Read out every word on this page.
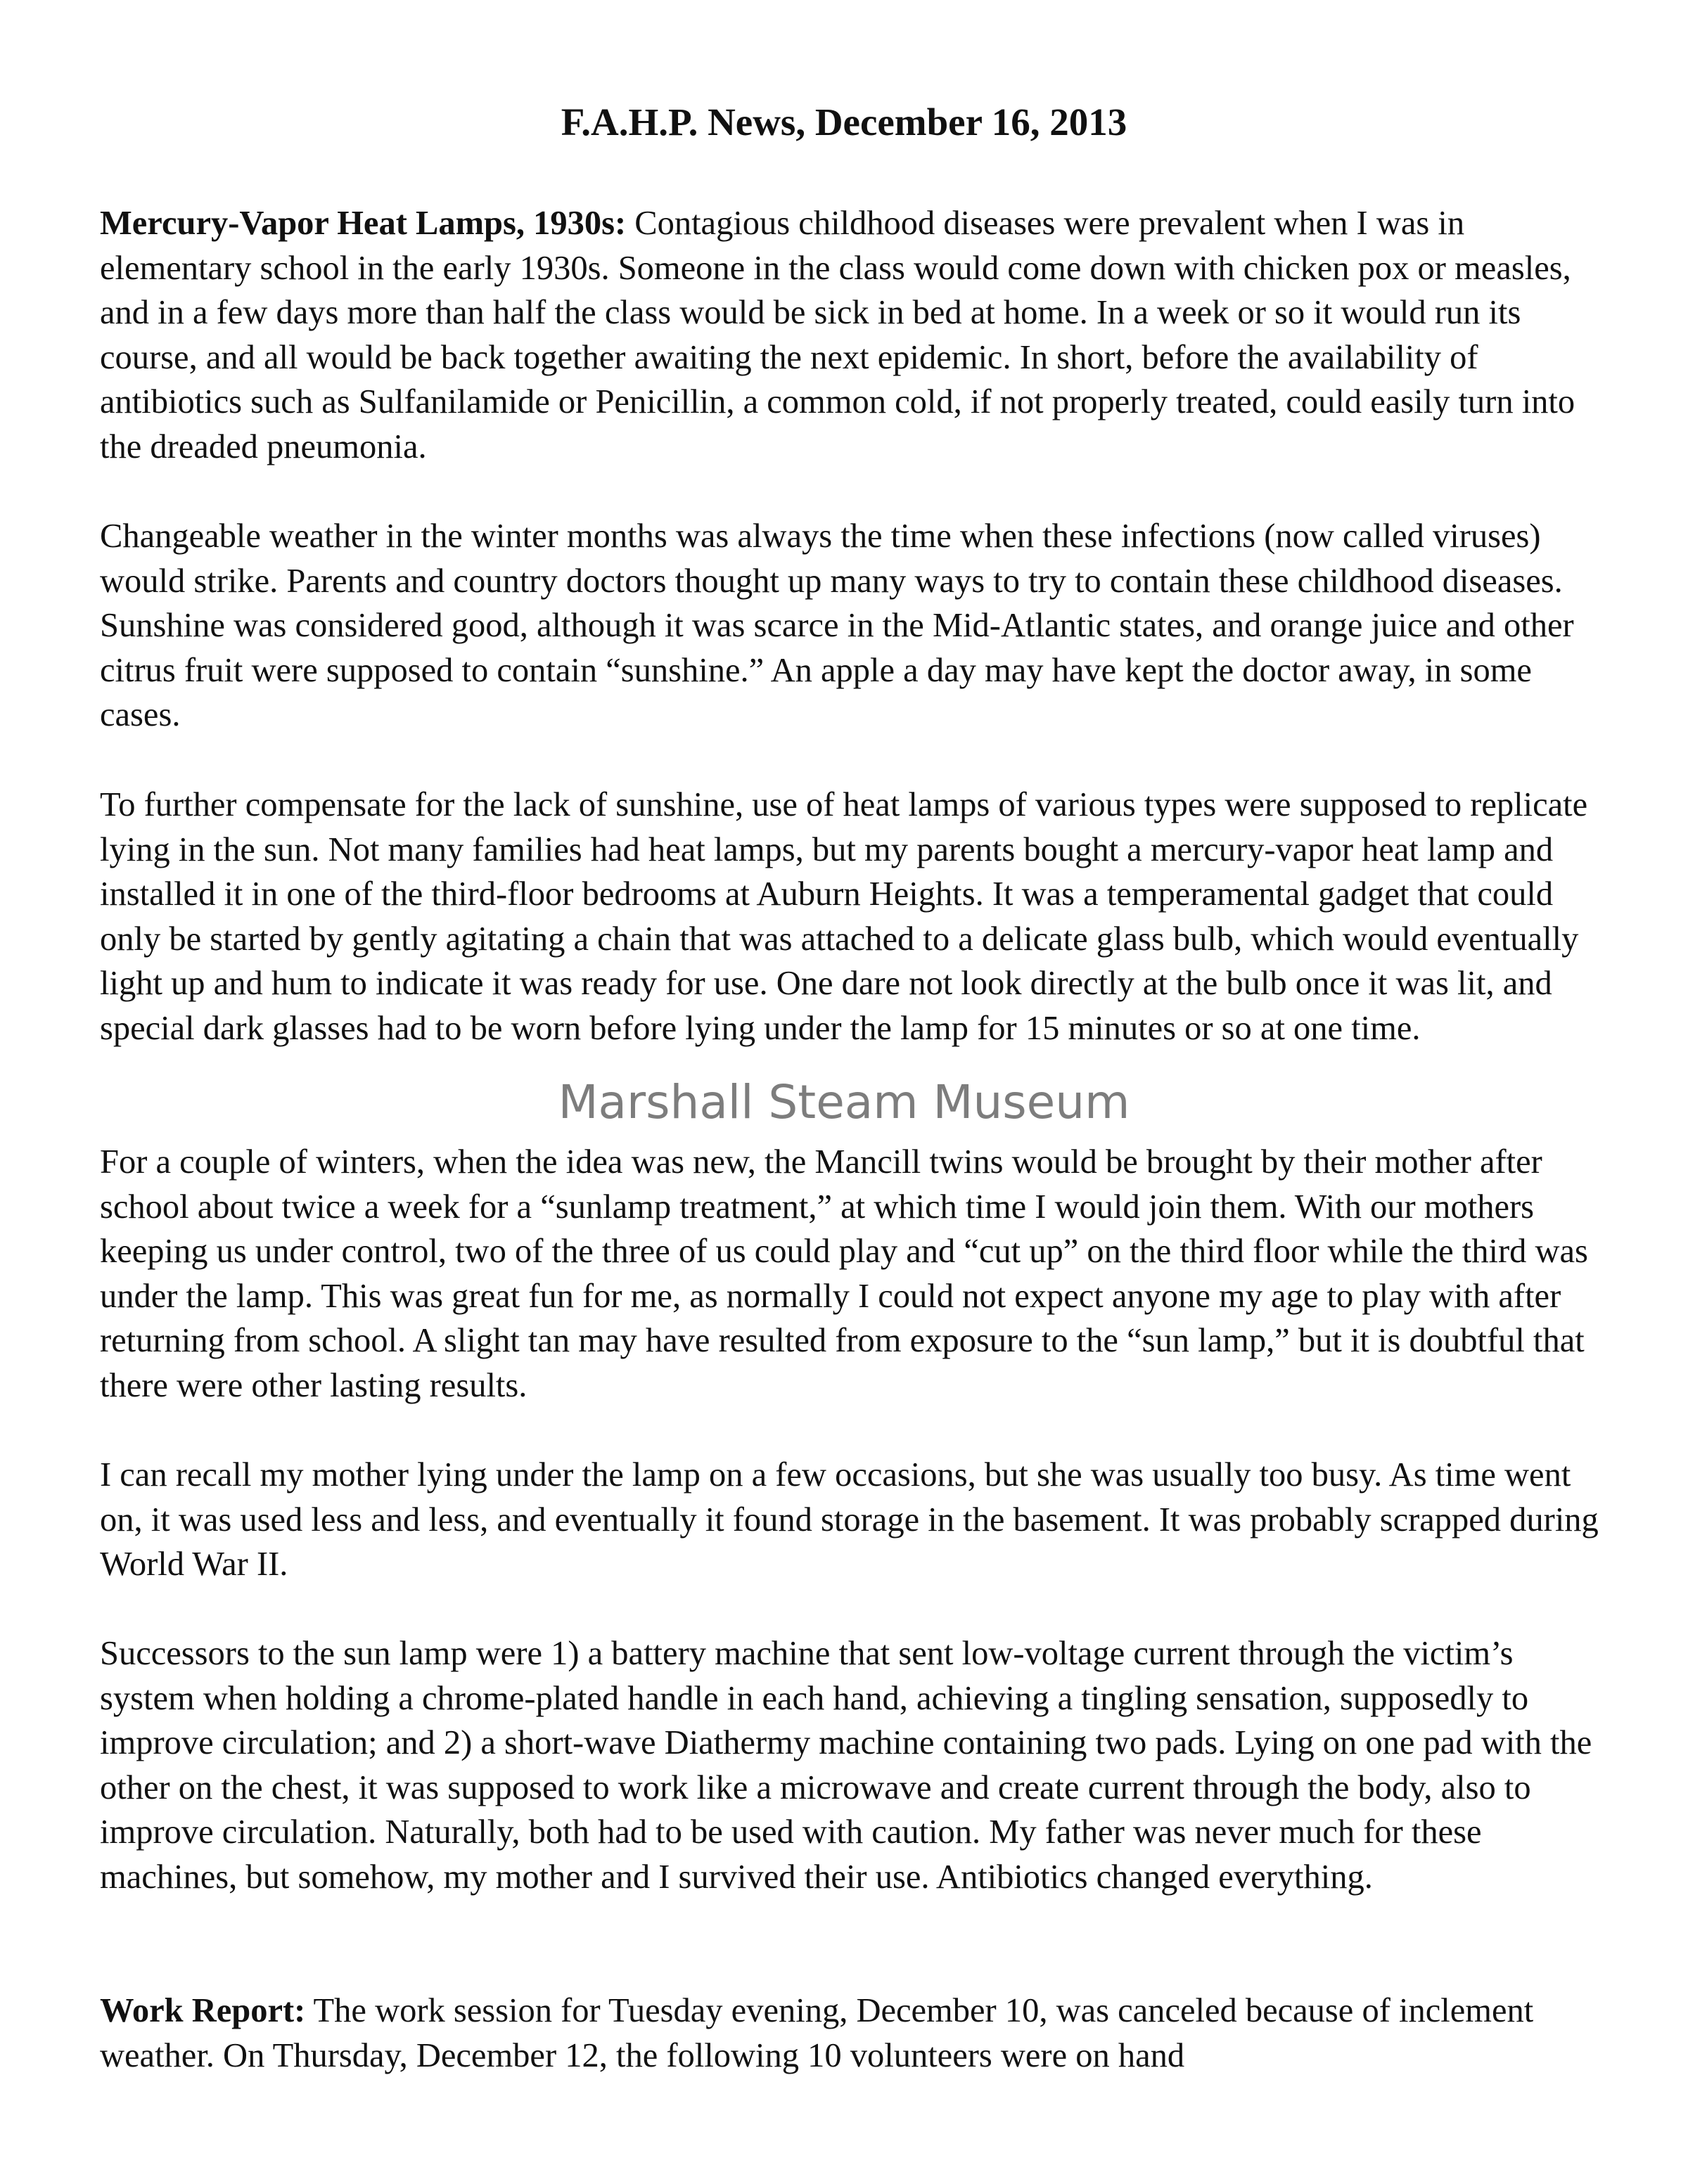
F.A.H.P. News, December 16, 2013

Mercury-Vapor Heat Lamps, 1930s: Contagious childhood diseases were prevalent when I was in elementary school in the early 1930s. Someone in the class would come down with chicken pox or measles, and in a few days more than half the class would be sick in bed at home. In a week or so it would run its course, and all would be back together awaiting the next epidemic. In short, before the availability of antibiotics such as Sulfanilamide or Penicillin, a common cold, if not properly treated, could easily turn into the dreaded pneumonia.

Changeable weather in the winter months was always the time when these infections (now called viruses) would strike. Parents and country doctors thought up many ways to try to contain these childhood diseases. Sunshine was considered good, although it was scarce in the Mid-Atlantic states, and orange juice and other citrus fruit were supposed to contain “sunshine.” An apple a day may have kept the doctor away, in some cases.

To further compensate for the lack of sunshine, use of heat lamps of various types were supposed to replicate lying in the sun. Not many families had heat lamps, but my parents bought a mercury-vapor heat lamp and installed it in one of the third-floor bedrooms at Auburn Heights. It was a temperamental gadget that could only be started by gently agitating a chain that was attached to a delicate glass bulb, which would eventually light up and hum to indicate it was ready for use. One dare not look directly at the bulb once it was lit, and special dark glasses had to be worn before lying under the lamp for 15 minutes or so at one time.

Marshall Steam Museum

For a couple of winters, when the idea was new, the Mancill twins would be brought by their mother after school about twice a week for a “sunlamp treatment,” at which time I would join them. With our mothers keeping us under control, two of the three of us could play and “cut up” on the third floor while the third was under the lamp. This was great fun for me, as normally I could not expect anyone my age to play with after returning from school. A slight tan may have resulted from exposure to the “sun lamp,” but it is doubtful that there were other lasting results.

I can recall my mother lying under the lamp on a few occasions, but she was usually too busy. As time went on, it was used less and less, and eventually it found storage in the basement. It was probably scrapped during World War II.

Successors to the sun lamp were 1) a battery machine that sent low-voltage current through the victim’s system when holding a chrome-plated handle in each hand, achieving a tingling sensation, supposedly to improve circulation; and 2) a short-wave Diathermy machine containing two pads. Lying on one pad with the other on the chest, it was supposed to work like a microwave and create current through the body, also to improve circulation. Naturally, both had to be used with caution. My father was never much for these machines, but somehow, my mother and I survived their use. Antibiotics changed everything.

Work Report: The work session for Tuesday evening, December 10, was canceled because of inclement weather. On Thursday, December 12, the following 10 volunteers were on hand
